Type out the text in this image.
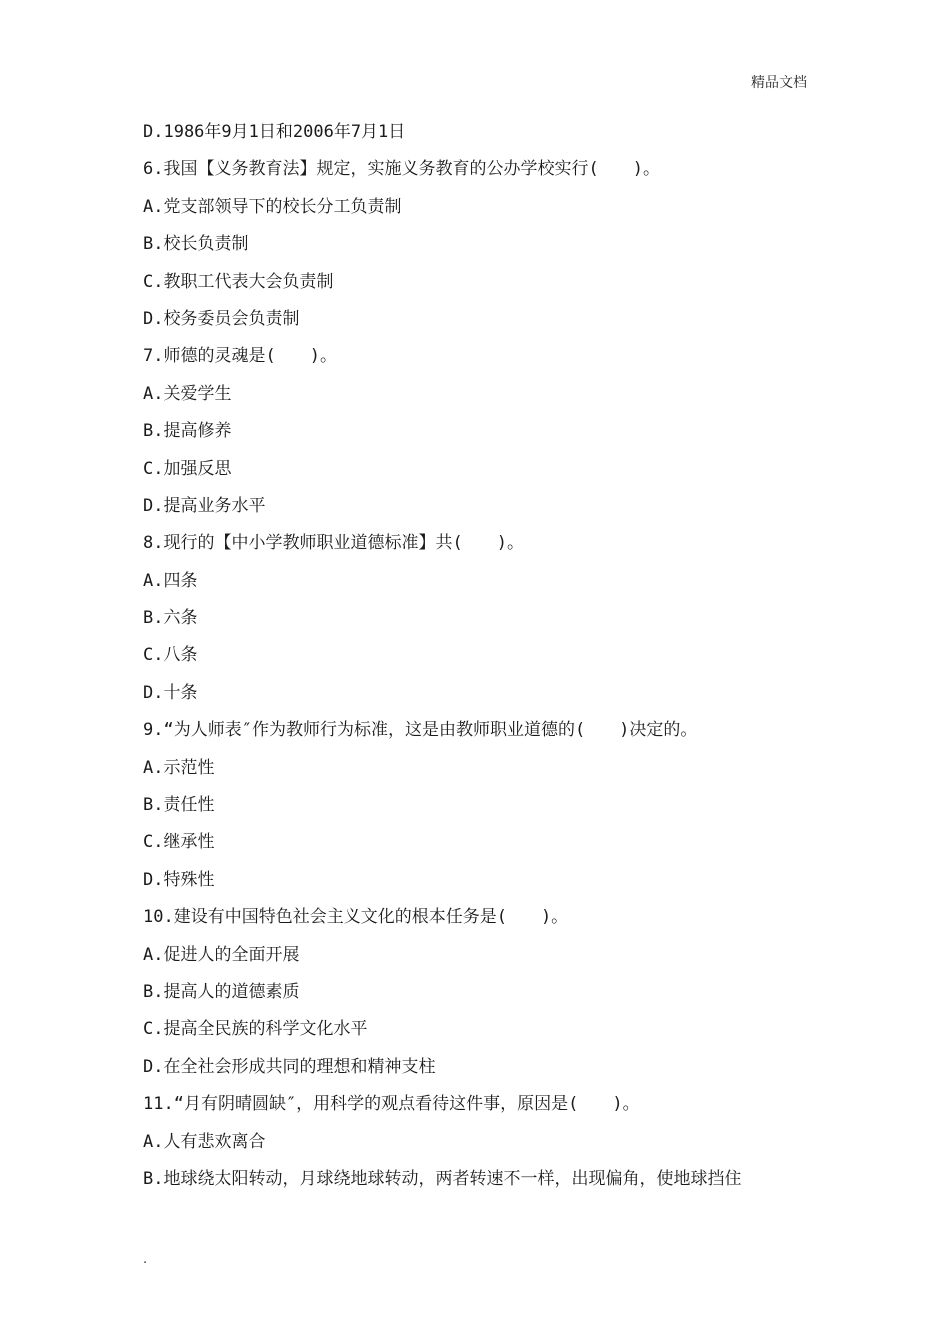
精品文档
D.1986年9月1日和2006年7月1日
6.我国【义务教育法】规定，实施义务教育的公办学校实行(　　)。
A.党支部领导下的校长分工负责制
B.校长负责制
C.教职工代表大会负责制
D.校务委员会负责制
7.师德的灵魂是(　　)。
A.关爱学生
B.提高修养
C.加强反思
D.提高业务水平
8.现行的【中小学教师职业道德标准】共(　　)。
A.四条
B.六条
C.八条
D.十条
9.“为人师表″作为教师行为标准，这是由教师职业道德的(　　)决定的。
A.示范性
B.责任性
C.继承性
D.特殊性
10.建设有中国特色社会主义文化的根本任务是(　　)。
A.促进人的全面开展
B.提高人的道德素质
C.提高全民族的科学文化水平
D.在全社会形成共同的理想和精神支柱
11.“月有阴晴圆缺″，用科学的观点看待这件事，原因是(　　)。
A.人有悲欢离合
B.地球绕太阳转动，月球绕地球转动，两者转速不一样，出现偏角，使地球挡住
.
